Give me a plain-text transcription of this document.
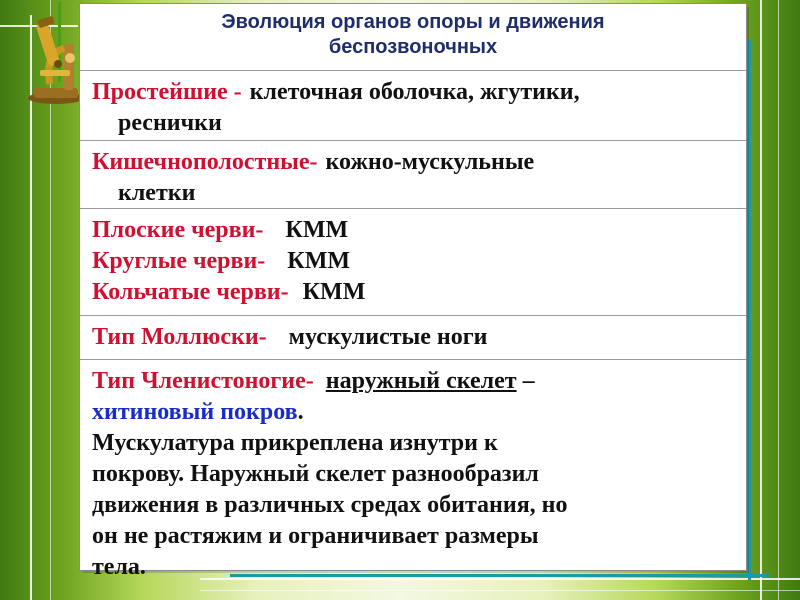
Эволюция органов опоры и движения
беспозвоночных
Простейшие - клеточная оболочка, жгутики,
реснички
Кишечнополостные- кожно-мускульные
клетки
Плоские черви- КММ
Круглые черви- КММ
Кольчатые черви- КММ
Тип Моллюски- мускулистые ноги
Тип Членистоногие- наружный скелет –
хитиновый покров.
Мускулатура прикреплена изнутри к
покрову. Наружный скелет разнообразил
движения в различных средах обитания, но
он не растяжим и ограничивает размеры
тела.
